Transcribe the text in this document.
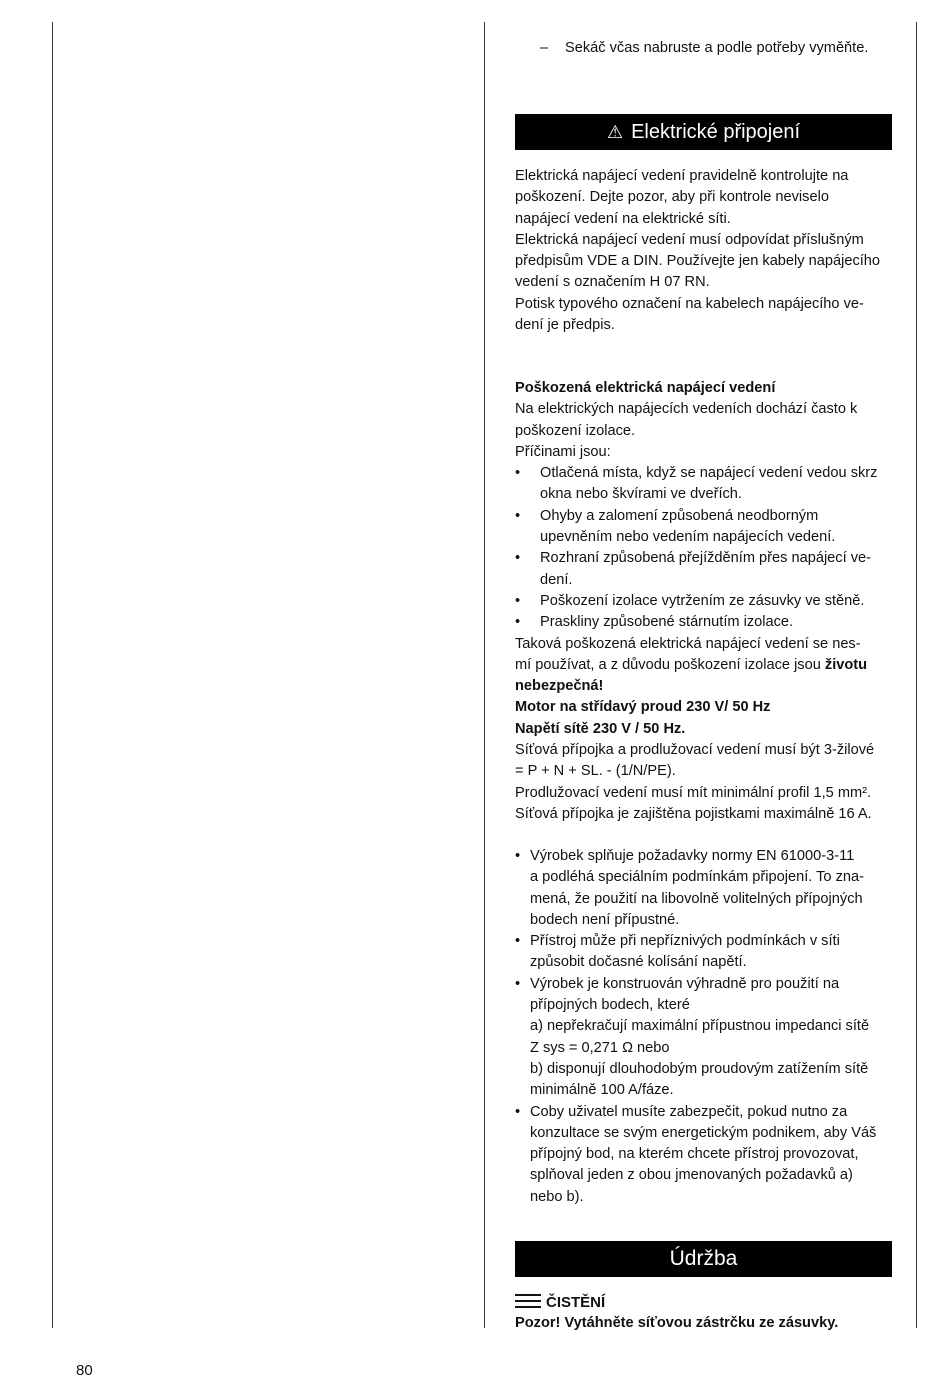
– Sekáč včas nabruste a podle potřeby vyměňte.
⚠ Elektrické připojení
Elektrická napájecí vedení pravidelně kontrolujte na
poškození. Dejte pozor, aby při kontrole neviselo
napájecí vedení na elektrické síti.
Elektrická napájecí vedení musí odpovídat příslušným
předpisům VDE a DIN. Používejte jen kabely napájecího
vedení s označením H 07 RN.
Potisk typového označení na kabelech napájecího ve-
dení je předpis.
Poškozená elektrická napájecí vedení
Na elektrických napájecích vedeních dochází často k
poškození izolace.
Příčinami jsou:
• Otlačená místa, když se napájecí vedení vedou skrz
okna nebo škvírami ve dveřích.
• Ohyby a zalomení způsobená neodborným
upevněním nebo vedením napájecích vedení.
• Rozhraní způsobená přejížděním přes napájecí ve-
dení.
• Poškození izolace vytržením ze zásuvky ve stěně.
• Praskliny způsobené stárnutím izolace.
Taková poškozená elektrická napájecí vedení se nes-
mí používat, a z důvodu poškození izolace jsou životu
nebezpečná!
Motor na střídavý proud 230 V/ 50 Hz
Napětí sítě 230 V / 50 Hz.
Síťová přípojka a prodlužovací vedení musí být 3-žilové
= P + N + SL. - (1/N/PE).
Prodlužovací vedení musí mít minimální profil 1,5 mm².
Síťová přípojka je zajištěna pojistkami maximálně 16 A.
• Výrobek splňuje požadavky normy EN 61000-3-11
a podléhá speciálním podmínkám připojení. To zna-
mená, že použití na libovolně volitelných přípojných
bodech není přípustné.
• Přístroj může při nepříznivých podmínkách v síti
způsobit dočasné kolísání napětí.
• Výrobek je konstruován výhradně pro použití na
přípojných bodech, které
a) nepřekračují maximální přípustnou impedanci sítě
Z sys = 0,271 Ω nebo
b) disponují dlouhodobým proudovým zatížením sítě
minimálně 100 A/fáze.
• Coby uživatel musíte zabezpečit, pokud nutno za
konzultace se svým energetickým podnikem, aby Váš
přípojný bod, na kterém chcete přístroj provozovat,
splňoval jeden z obou jmenovaných požadavků a)
nebo b).
Údržba
ČISTĚNÍ
Pozor! Vytáhněte síťovou zástrčku ze zásuvky.
80
